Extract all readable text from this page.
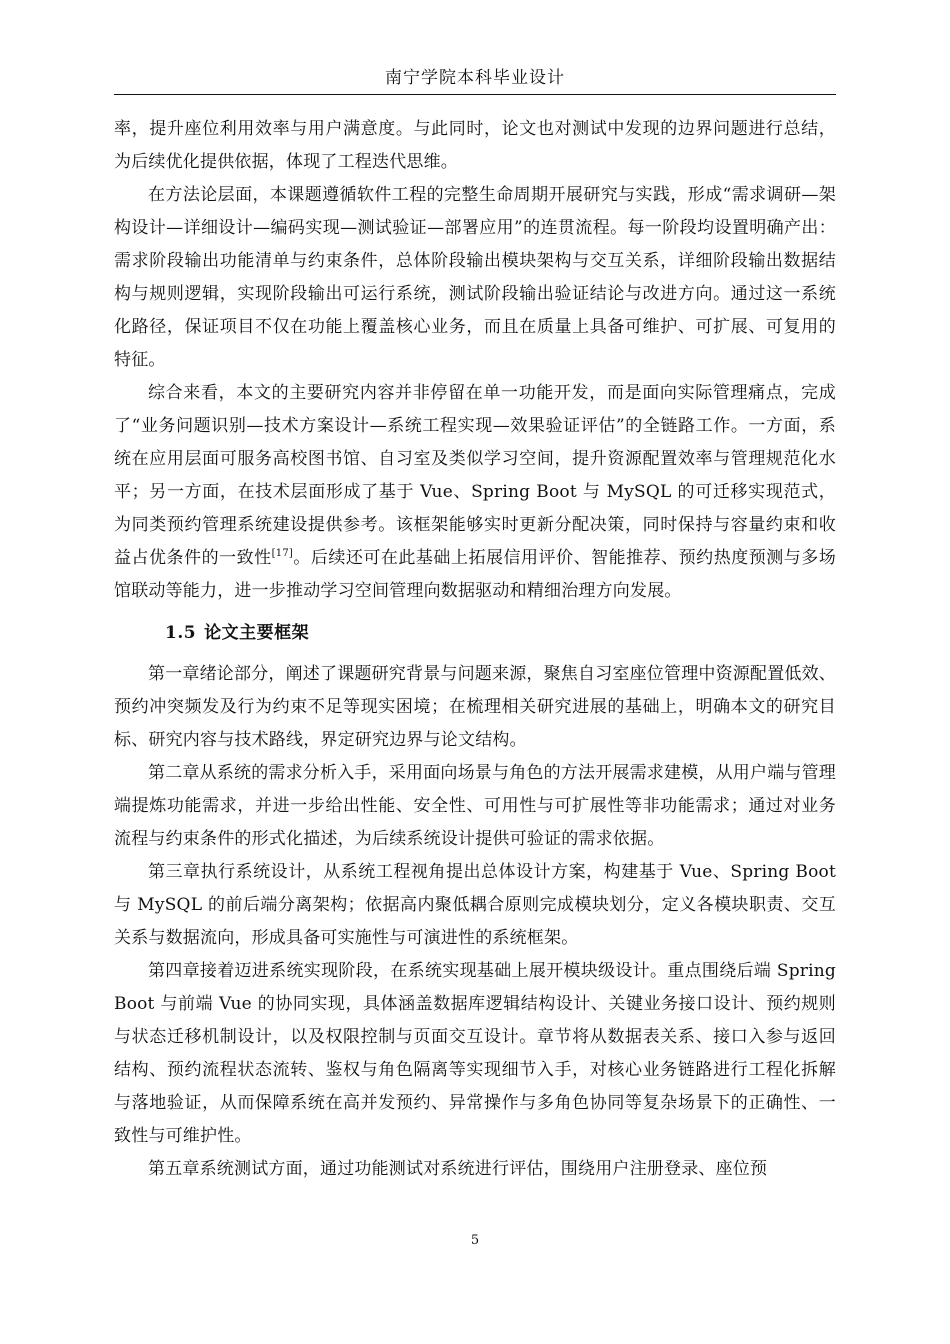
南宁学院本科毕业设计

率，提升座位利用效率与用户满意度。与此同时，论文也对测试中发现的边界问题进行总结，为后续优化提供依据，体现了工程迭代思维。

在方法论层面，本课题遵循软件工程的完整生命周期开展研究与实践，形成“需求调研—架构设计—详细设计—编码实现—测试验证—部署应用”的连贯流程。每一阶段均设置明确产出：需求阶段输出功能清单与约束条件，总体阶段输出模块架构与交互关系，详细阶段输出数据结构与规则逻辑，实现阶段输出可运行系统，测试阶段输出验证结论与改进方向。通过这一系统化路径，保证项目不仅在功能上覆盖核心业务，而且在质量上具备可维护、可扩展、可复用的特征。

综合来看，本文的主要研究内容并非停留在单一功能开发，而是面向实际管理痛点，完成了“业务问题识别—技术方案设计—系统工程实现—效果验证评估”的全链路工作。一方面，系统在应用层面可服务高校图书馆、自习室及类似学习空间，提升资源配置效率与管理规范化水平；另一方面，在技术层面形成了基于 Vue、Spring Boot 与 MySQL 的可迁移实现范式，为同类预约管理系统建设提供参考。该框架能够实时更新分配决策，同时保持与容量约束和收益占优条件的一致性[17]。后续还可在此基础上拓展信用评价、智能推荐、预约热度预测与多场馆联动等能力，进一步推动学习空间管理向数据驱动和精细治理方向发展。

1.5 论文主要框架

第一章绪论部分，阐述了课题研究背景与问题来源，聚焦自习室座位管理中资源配置低效、预约冲突频发及行为约束不足等现实困境；在梳理相关研究进展的基础上，明确本文的研究目标、研究内容与技术路线，界定研究边界与论文结构。

第二章从系统的需求分析入手，采用面向场景与角色的方法开展需求建模，从用户端与管理端提炼功能需求，并进一步给出性能、安全性、可用性与可扩展性等非功能需求；通过对业务流程与约束条件的形式化描述，为后续系统设计提供可验证的需求依据。

第三章执行系统设计，从系统工程视角提出总体设计方案，构建基于 Vue、Spring Boot 与 MySQL 的前后端分离架构；依据高内聚低耦合原则完成模块划分，定义各模块职责、交互关系与数据流向，形成具备可实施性与可演进性的系统框架。

第四章接着迈进系统实现阶段，在系统实现基础上展开模块级设计。重点围绕后端 Spring Boot 与前端 Vue 的协同实现，具体涵盖数据库逻辑结构设计、关键业务接口设计、预约规则与状态迁移机制设计，以及权限控制与页面交互设计。章节将从数据表关系、接口入参与返回结构、预约流程状态流转、鉴权与角色隔离等实现细节入手，对核心业务链路进行工程化拆解与落地验证，从而保障系统在高并发预约、异常操作与多角色协同等复杂场景下的正确性、一致性与可维护性。

第五章系统测试方面，通过功能测试对系统进行评估，围绕用户注册登录、座位预

5
